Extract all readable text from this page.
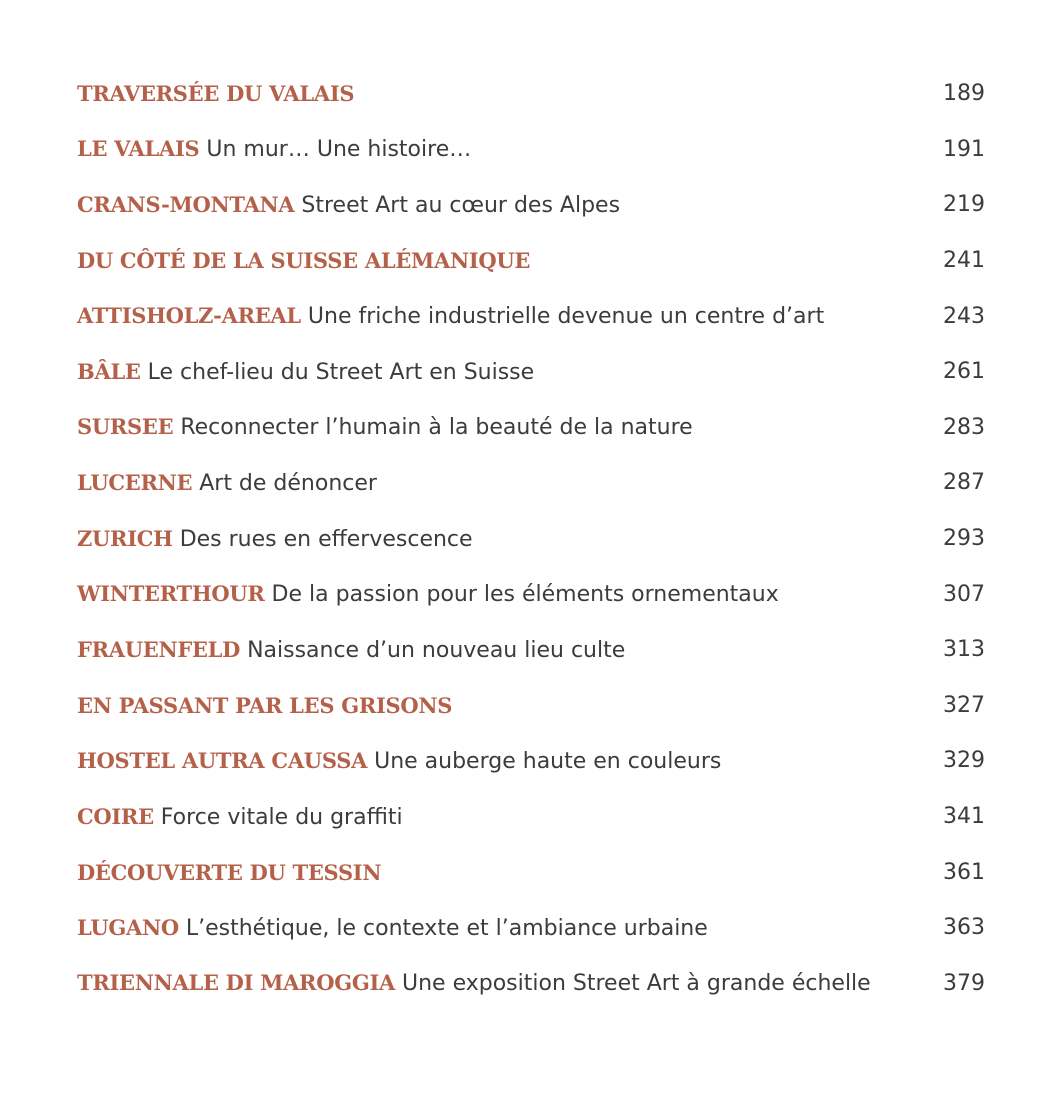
TRAVERSÉE DU VALAIS	189
LE VALAIS Un mur… Une histoire…	191
CRANS-MONTANA Street Art au cœur des Alpes	219
DU CÔTÉ DE LA SUISSE ALÉMANIQUE	241
ATTISHOLZ-AREAL Une friche industrielle devenue un centre d’art	243
BÂLE Le chef-lieu du Street Art en Suisse	261
SURSEE Reconnecter l’humain à la beauté de la nature	283
LUCERNE Art de dénoncer	287
ZURICH Des rues en effervescence	293
WINTERTHOUR De la passion pour les éléments ornementaux	307
FRAUENFELD Naissance d’un nouveau lieu culte	313
EN PASSANT PAR LES GRISONS	327
HOSTEL AUTRA CAUSSA Une auberge haute en couleurs	329
COIRE Force vitale du graffiti	341
DÉCOUVERTE DU TESSIN	361
LUGANO L’esthétique, le contexte et l’ambiance urbaine	363
TRIENNALE DI MAROGGIA Une exposition Street Art à grande échelle	379
